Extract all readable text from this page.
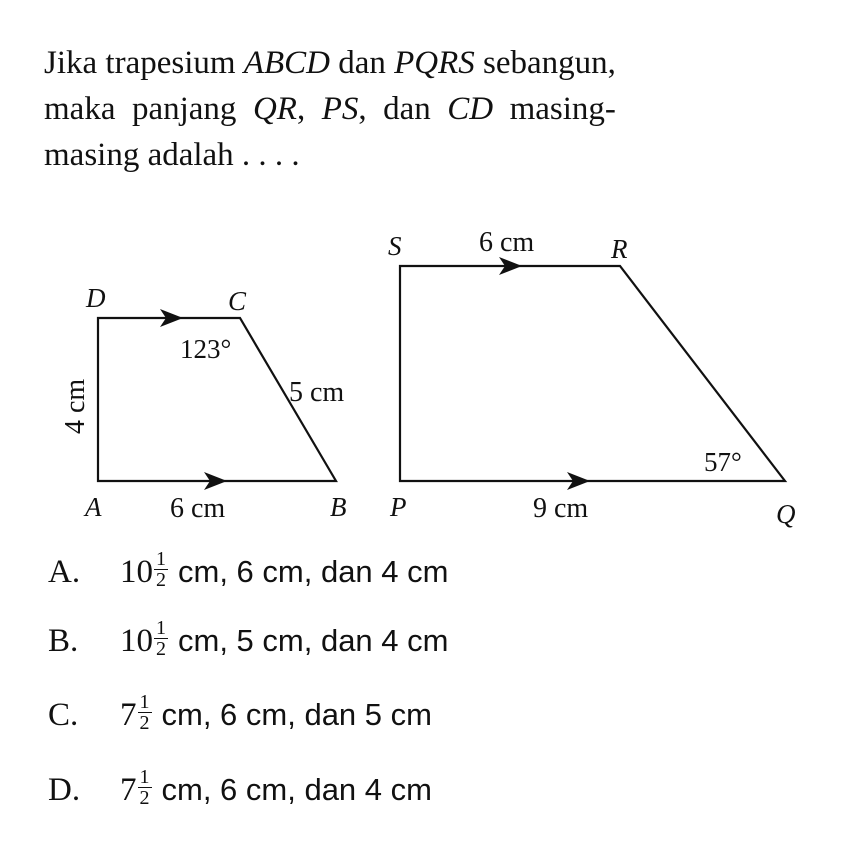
Jika trapesium ABCD dan PQRS sebangun,

maka  panjang  QR,  PS,  dan  CD  masing-

masing adalah . . . .

D	C
A	B
4 cm
6 cm
5 cm
123°
S	R
P	Q
6 cm
9 cm
57°
A.	$10 \frac{1}{2}$ cm, 6 cm, dan 4 cm
B.	$10 \frac{1}{2}$ cm, 5 cm, dan 4 cm
C.	$7 \frac{1}{2}$ cm, 6 cm, dan 5 cm
D.	$7 \frac{1}{2}$ cm, 6 cm, dan 4 cm
